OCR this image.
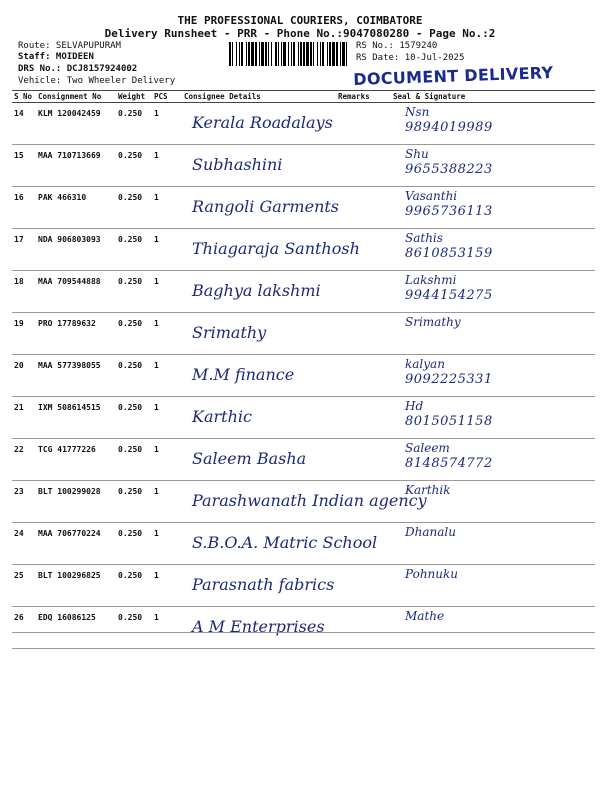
THE PROFESSIONAL COURIERS, COIMBATORE
Delivery Runsheet - PRR - Phone No.:9047080280 - Page No.:2
Route: SELVAPUPURAM
Staff: MOIDEEN
DRS No.: DCJ8157924002
Vehicle: Two Wheeler Delivery
RS No.: 1579240
RS Date: 10-Jul-2025
DOCUMENT DELIVERY
S No	Consignment No	Weight	PCS	Consignee Details	Remarks	Seal & Signature
14	KLM 120042459	0.250	1	Kerala Roadalays		Nsn
9894019989

15	MAA 710713669	0.250	1	Subhashini		Shu
9655388223

16	PAK 466310	0.250	1	Rangoli Garments		Vasanthi
9965736113

17	NDA 906803093	0.250	1	Thiagaraja Santhosh		Sathis
8610853159

18	MAA 709544888	0.250	1	Baghya lakshmi		Lakshmi
9944154275

19	PRO 17789632	0.250	1	Srimathy		Srimathy

20	MAA 577398055	0.250	1	M.M finance		kalyan
9092225331

21	IXM 508614515	0.250	1	Karthic		Hd
8015051158

22	TCG 41777226	0.250	1	Saleem Basha		Saleem
8148574772

23	BLT 100299028	0.250	1	Parashwanath Indian agency		Karthik

24	MAA 706770224	0.250	1	S.B.O.A. Matric School		Dhanalu

25	BLT 100296825	0.250	1	Parasnath fabrics		Pohnuku

26	EDQ 16086125	0.250	1	A M Enterprises		Mathe
